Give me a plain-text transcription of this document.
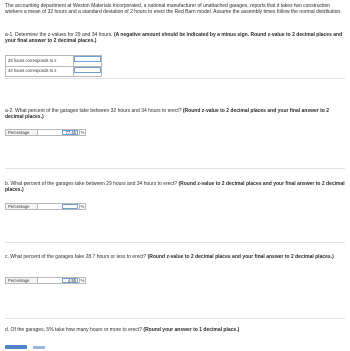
The accounting department at Weston Materials Incorporated, a national manufacturer of unattached garages, reports that it takes two construction workers a mean of 32 hours and a standard deviation of 2 hours to erect the Red Barn model. Assume the assembly times follow the normal distribution.
a-1. Determine the z-values for 29 and 34 hours. (A negative amount should be indicated by a minus sign. Round z-value to 2 decimal places and your final answer to 2 decimal places.)
29 hours corresponds to z	
34 hours corresponds to z	
a-2. What percent of the garages take between 32 hours and 34 hours to erect? (Round z-value to 2 decimal places and your final answer to 2 decimal places.)
Percentage	77.45	%
b. What percent of the garages take between 29 hours and 34 hours to erect? (Round z-value to 2 decimal places and your final answer to 2 decimal places.)
Percentage	%
c. What percent of the garages take 28.7 hours or less to erect? (Round z-value to 2 decimal places and your final answer to 2 decimal places.)
Percentage	4.95	%
d. Of the garages, 5% take how many hours or more to erect? (Round your answer to 1 decimal place.)
